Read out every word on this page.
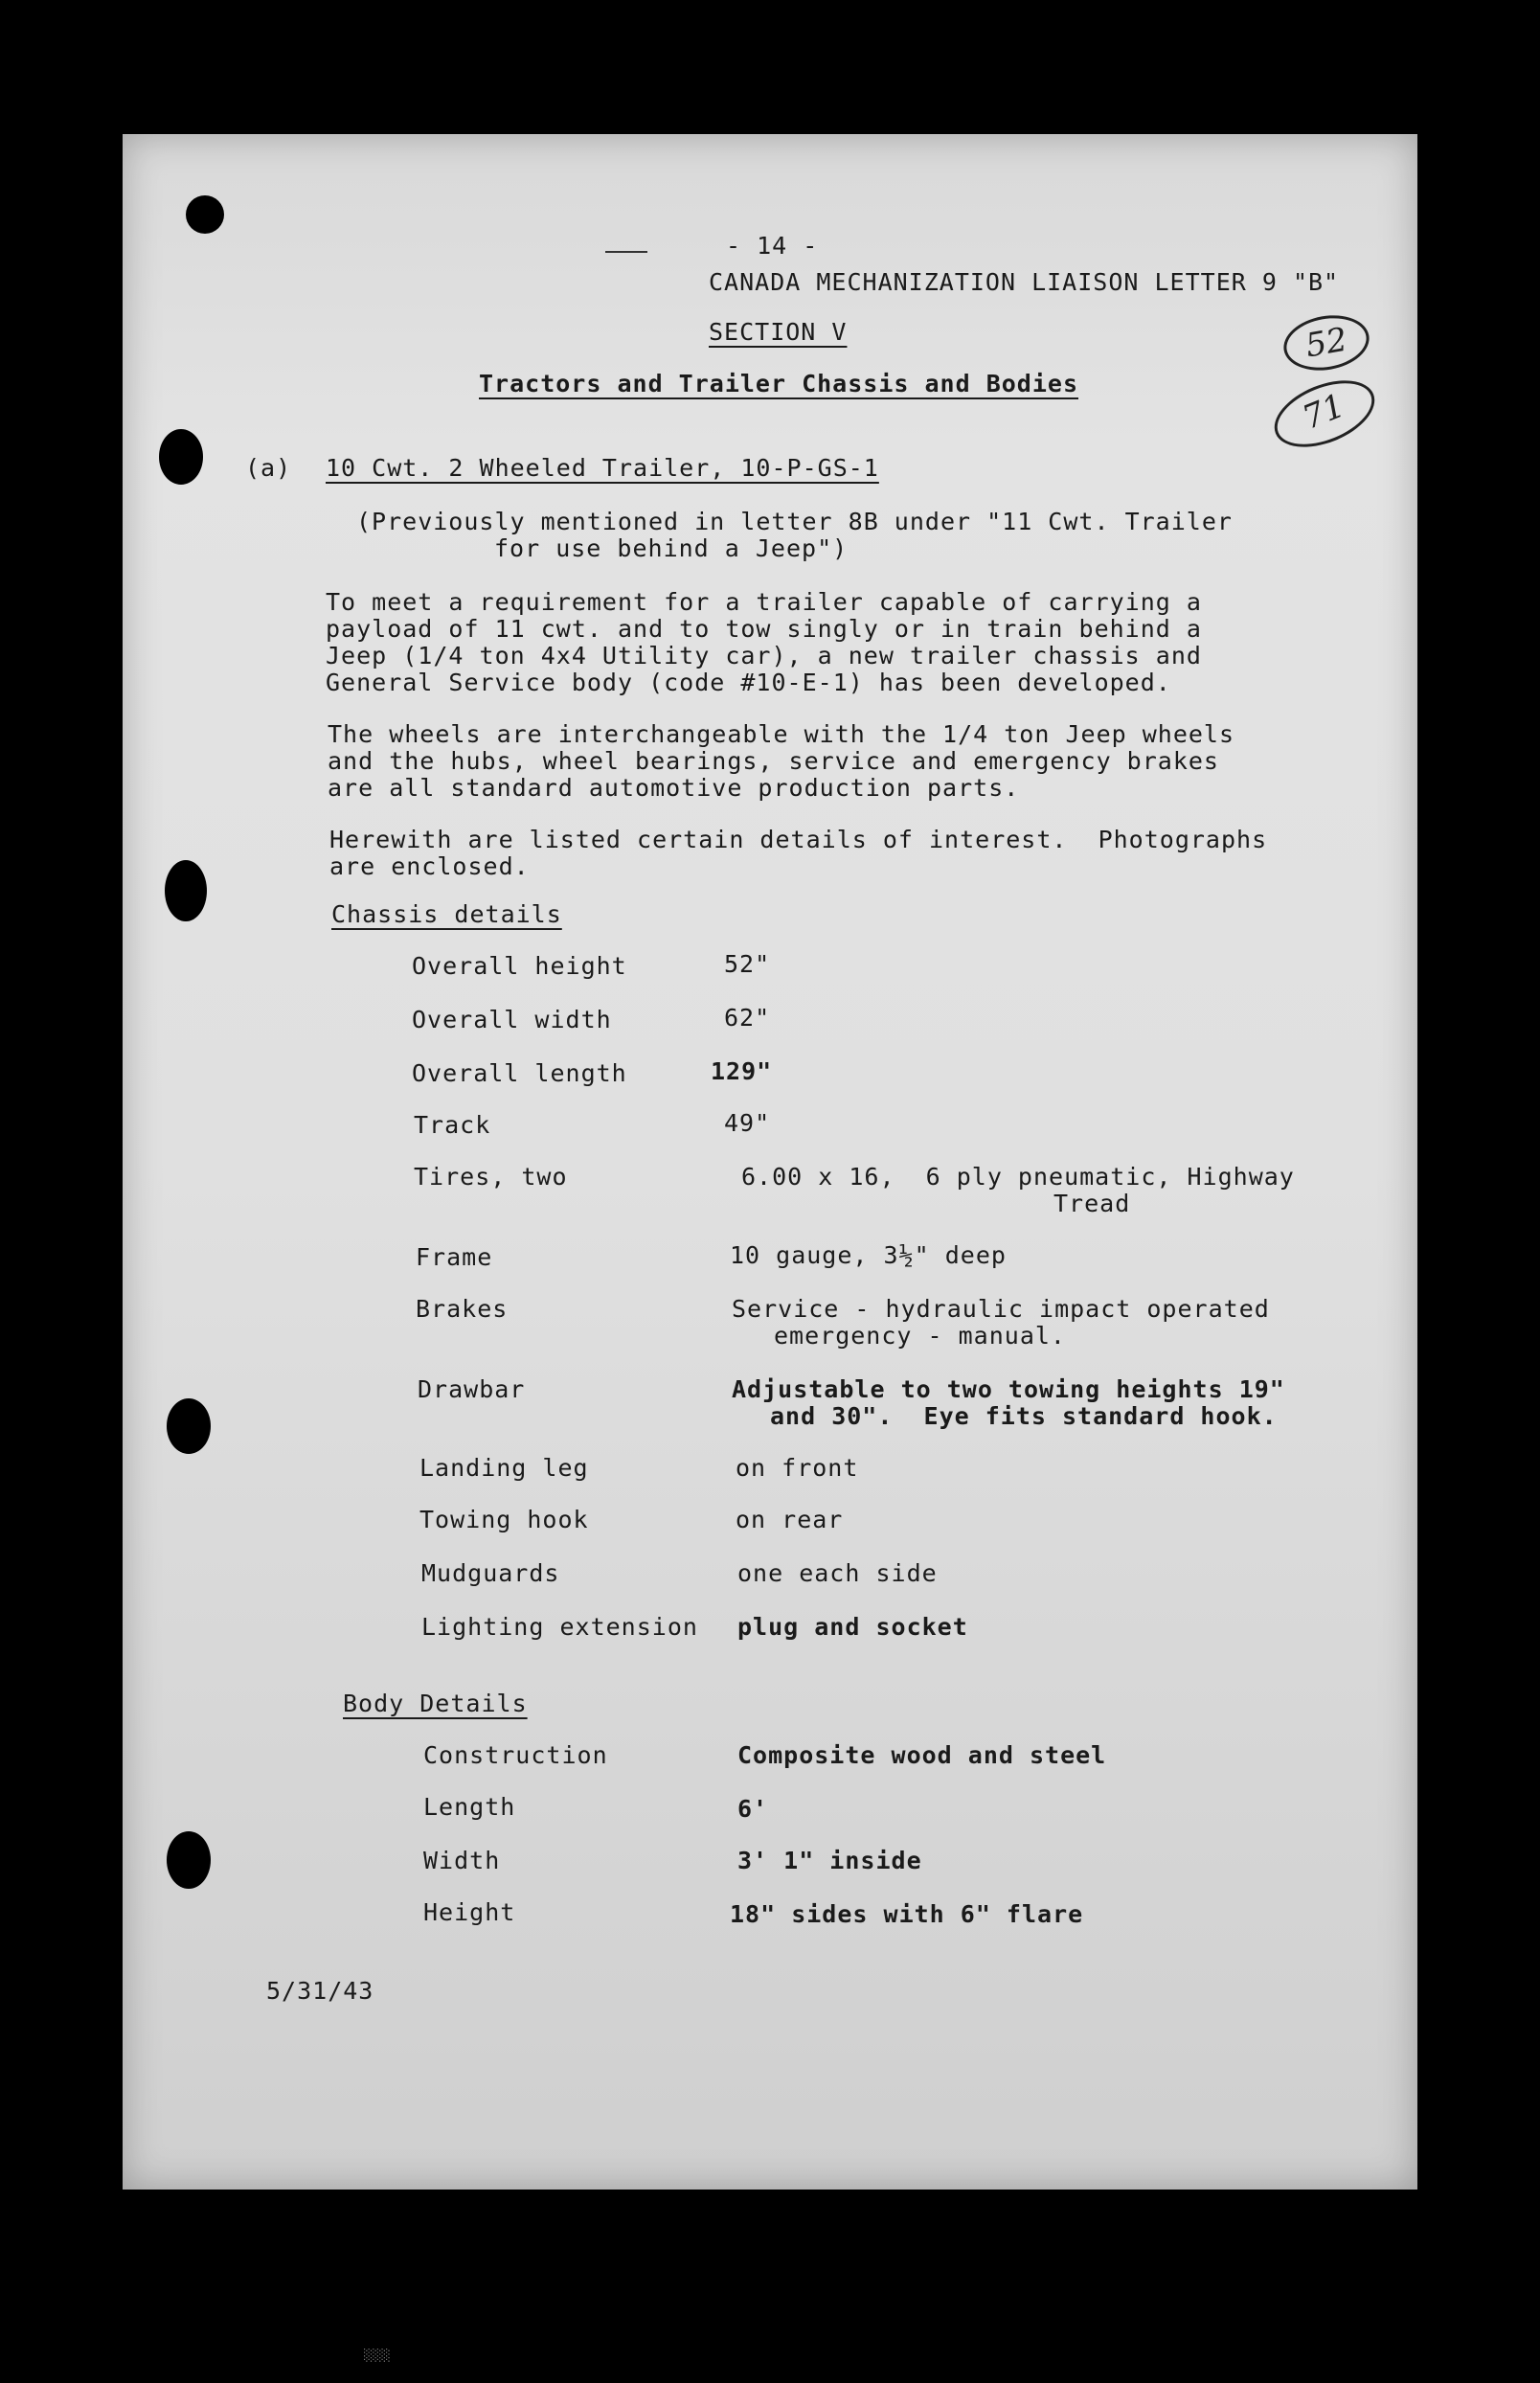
- 14 -
CANADA MECHANIZATION LIAISON LETTER 9 "B"
SECTION V
Tractors and Trailer Chassis and Bodies
52
71
(a) 10 Cwt. 2 Wheeled Trailer, 10-P-GS-1
(Previously mentioned in letter 8B under "11 Cwt. Trailer
for use behind a Jeep")
To meet a requirement for a trailer capable of carrying a
payload of 11 cwt. and to tow singly or in train behind a
Jeep (1/4 ton 4x4 Utility car), a new trailer chassis and
General Service body (code #10-E-1) has been developed.
The wheels are interchangeable with the 1/4 ton Jeep wheels
and the hubs, wheel bearings, service and emergency brakes
are all standard automotive production parts.
Herewith are listed certain details of interest.  Photographs
are enclosed.
Chassis details
Overall height	52"
Overall width	62"
Overall length	129"
Track	49"
Tires, two	6.00 x 16,  6 ply pneumatic, Highway
Tread
Frame	10 gauge, 3½" deep
Brakes	Service - hydraulic impact operated
emergency - manual.
Drawbar	Adjustable to two towing heights 19"
and 30".  Eye fits standard hook.
Landing leg	on front
Towing hook	on rear
Mudguards	one each side
Lighting extension plug and socket
Body Details
Construction	Composite wood and steel
Length	6'
Width	3' 1" inside
Height	18" sides with 6" flare
5/31/43
░░░
